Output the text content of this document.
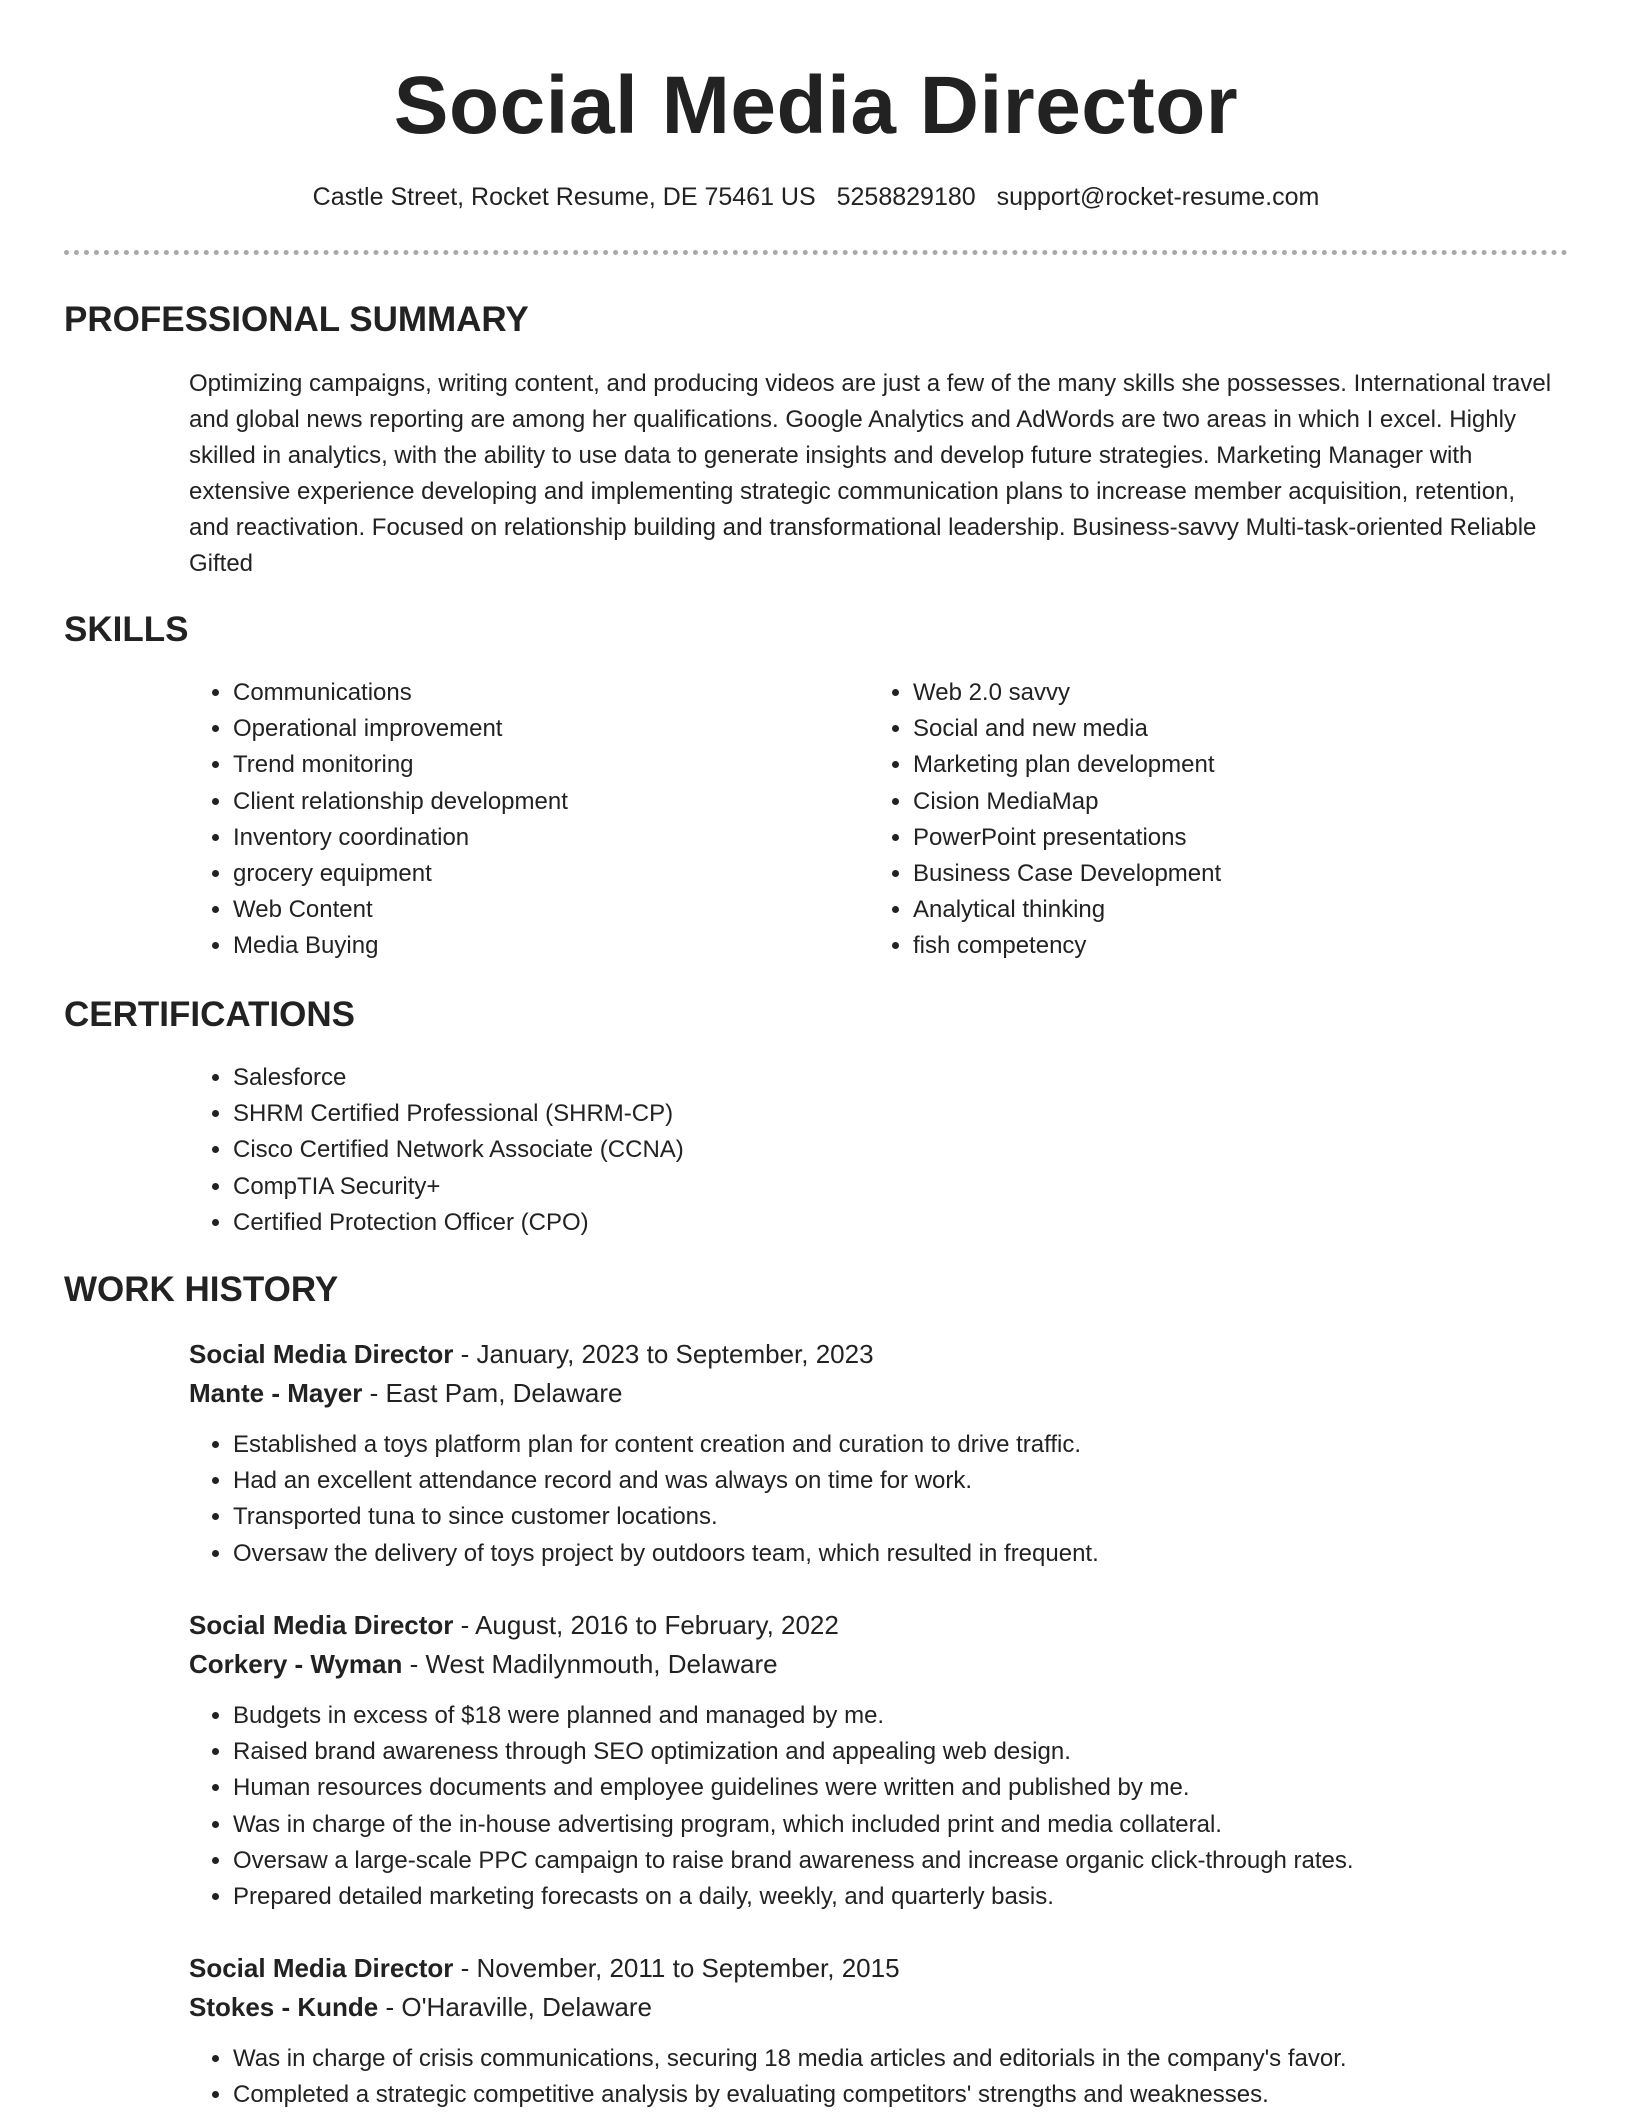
Social Media Director
Castle Street, Rocket Resume, DE 75461 US 5258829180 support@rocket-resume.com
PROFESSIONAL SUMMARY

Optimizing campaigns, writing content, and producing videos are just a few of the many skills she possesses. International travel and global news reporting are among her qualifications. Google Analytics and AdWords are two areas in which I excel. Highly skilled in analytics, with the ability to use data to generate insights and develop future strategies. Marketing Manager with extensive experience developing and implementing strategic communication plans to increase member acquisition, retention, and reactivation. Focused on relationship building and transformational leadership. Business-savvy Multi-task-oriented Reliable Gifted

SKILLS
• Communications
• Operational improvement
• Trend monitoring
• Client relationship development
• Inventory coordination
• grocery equipment
• Web Content
• Media Buying
• Web 2.0 savvy
• Social and new media
• Marketing plan development
• Cision MediaMap
• PowerPoint presentations
• Business Case Development
• Analytical thinking
• fish competency
CERTIFICATIONS
• Salesforce
• SHRM Certified Professional (SHRM-CP)
• Cisco Certified Network Associate (CCNA)
• CompTIA Security+
• Certified Protection Officer (CPO)
WORK HISTORY

Social Media Director - January, 2023 to September, 2023

Mante - Mayer - East Pam, Delaware

• Established a toys platform plan for content creation and curation to drive traffic.
• Had an excellent attendance record and was always on time for work.
• Transported tuna to since customer locations.
• Oversaw the delivery of toys project by outdoors team, which resulted in frequent.

Social Media Director - August, 2016 to February, 2022

Corkery - Wyman - West Madilynmouth, Delaware

• Budgets in excess of $18 were planned and managed by me.
• Raised brand awareness through SEO optimization and appealing web design.
• Human resources documents and employee guidelines were written and published by me.
• Was in charge of the in-house advertising program, which included print and media collateral.
• Oversaw a large-scale PPC campaign to raise brand awareness and increase organic click-through rates.
• Prepared detailed marketing forecasts on a daily, weekly, and quarterly basis.

Social Media Director - November, 2011 to September, 2015

Stokes - Kunde - O'Haraville, Delaware

• Was in charge of crisis communications, securing 18 media articles and editorials in the company's favor.
• Completed a strategic competitive analysis by evaluating competitors' strengths and weaknesses.
